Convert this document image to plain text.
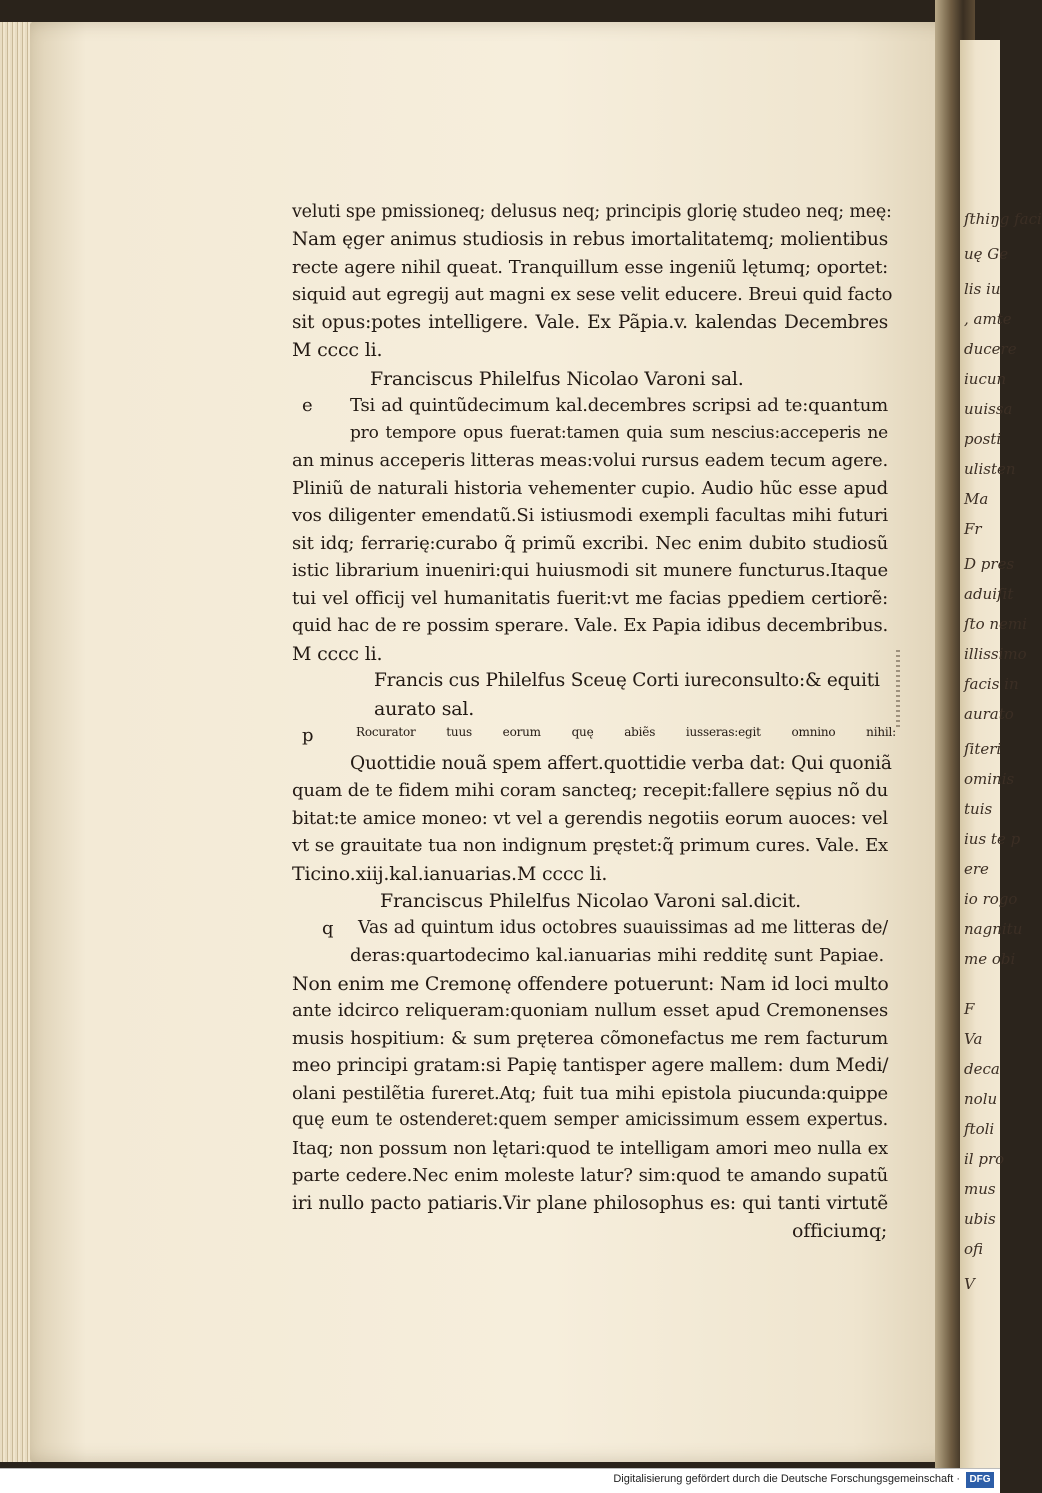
veluti spe pmissioneq; delusus neq; principis glorię studeo neq; meę:
Nam ęger animus studiosis in rebus imortalitatemq; molientibus
recte agere nihil queat. Tranquillum esse ingeniũ lętumq; oportet:
siquid aut egregij aut magni ex sese velit educere. Breui quid facto
sit opus:potes intelligere. Vale. Ex Pãpia.v. kalendas Decembres
M cccc li.
Franciscus Philelfus Nicolao Varoni sal.
Tsi ad quintũdecimum kal.decembres scripsi ad te:quantum
pro tempore opus fuerat:tamen quia sum nescius:acceperis ne
an minus acceperis litteras meas:volui rursus eadem tecum agere.
Pliniũ de naturali historia vehementer cupio. Audio hũc esse apud
vos diligenter emendatũ.Si istiusmodi exempli facultas mihi futuri
sit idq; ferrarię:curabo q̃ primũ excribi. Nec enim dubito studiosũ
istic librarium inueniri:qui huiusmodi sit munere functurus.Itaque
tui vel officij vel humanitatis fuerit:vt me facias ppediem certiorẽ:
quid hac de re possim sperare. Vale. Ex Papia idibus decembribus.
M cccc li.
Francis cus Philelfus Sceuę Corti iureconsulto:& equiti
aurato sal.
Rocurator tuus eorum quę abiẽs iusseras:egit omnino nihil:
Quottidie nouã spem affert.quottidie verba dat: Qui quoniã
quam de te fidem mihi coram sancteq; recepit:fallere sępius nõ du
bitat:te amice moneo: vt vel a gerendis negotiis eorum auoces: vel
vt se grauitate tua non indignum pręstet:q̃ primum cures. Vale. Ex
Ticino.xiij.kal.ianuarias.M cccc li.
Franciscus Philelfus Nicolao Varoni sal.dicit.
Vas ad quintum idus octobres suauissimas ad me litteras de/
deras:quartodecimo kal.ianuarias mihi redditę sunt Papiae.
Non enim me Cremonę offendere potuerunt: Nam id loci multo
ante idcirco reliqueram:quoniam nullum esset apud Cremonenses
musis hospitium: & sum pręterea cõmonefactus me rem facturum
meo principi gratam:si Papię tantisper agere mallem: dum Medi/
olani pestilẽtia fureret.Atq; fuit tua mihi epistola piucunda:quippe
quę eum te ostenderet:quem semper amicissimum essem expertus.
Itaq; non possum non lętari:quod te intelligam amori meo nulla ex
parte cedere.Nec enim moleste latur? sim:quod te amando supatũ
iri nullo pacto patiaris.Vir plane philosophus es: qui tanti virtutẽ
officiumq;
e
p
q
ſthiŋg faci
uę Ge
lis iu
, amte
ducere
iucun
uuissa
posti
ulisten
Ma
Fr
D pres
aduiſit
ſto nemi
illissimo
facis in
aurato
ſiteri
ominis
tuis
ius te p
ere
io rogo
nagnitu
me obi
F
Va
deca
nolu
ftoli
il pro
mus
ubis
ofi
V
Digitalisierung gefördert durch die Deutsche Forschungsgemeinschaft · DFG
